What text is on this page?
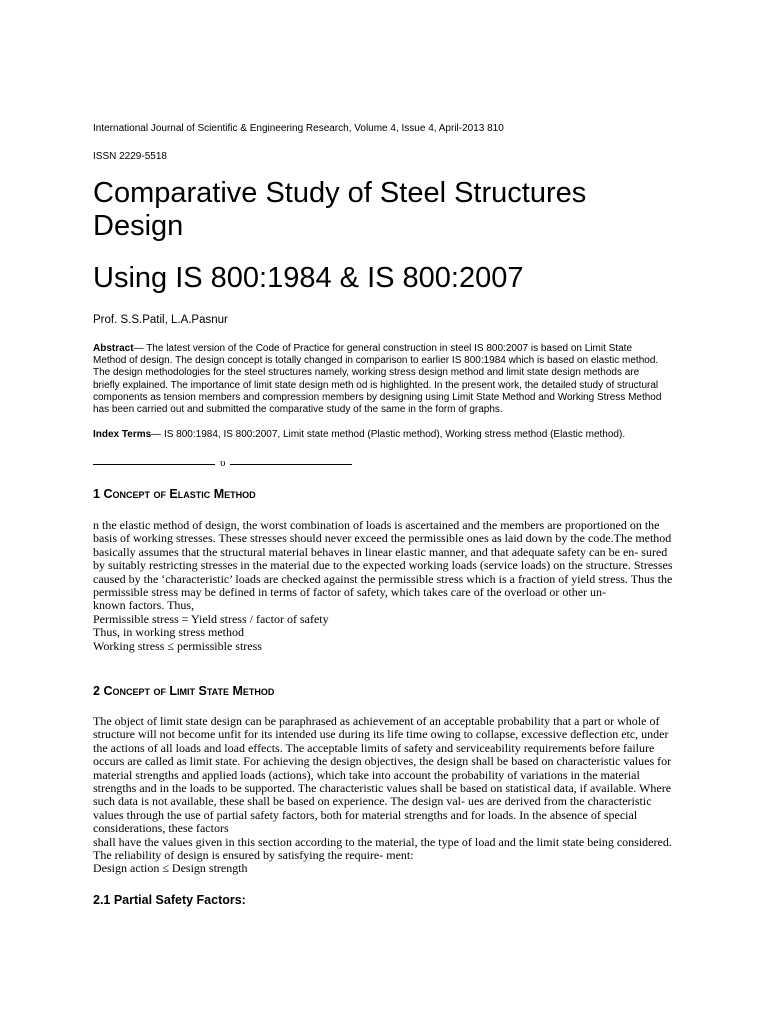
International Journal of Scientific & Engineering Research, Volume 4, Issue 4, April-2013 810
ISSN 2229-5518
Comparative Study of Steel Structures Design
Using IS 800:1984 & IS 800:2007
Prof. S.S.Patil, L.A.Pasnur

Abstract— The latest version of the Code of Practice for general construction in steel IS 800:2007 is based on Limit State Method of design. The design concept is totally changed in comparison to earlier IS 800:1984 which is based on elastic method. The design methodologies for the steel structures namely, working stress design method and limit state design methods are briefly explained. The importance of limit state design meth od is highlighted. In the present work, the detailed study of structural components as tension members and compression members by designing using Limit State Method and Working Stress Method has been carried out and submitted the comparative study of the same in the form of graphs.

Index Terms— IS 800:1984, IS 800:2007, Limit state method (Plastic method), Working stress method (Elastic method).

υ
1 Concept of Elastic Method

n the elastic method of design, the worst combination of loads is ascertained and the members are proportioned on the basis of working stresses. These stresses should never exceed the permissible ones as laid down by the code.The method basically assumes that the structural material behaves in linear elastic manner, and that adequate safety can be en- sured by suitably restricting stresses in the material due to the expected working loads (service loads) on the structure. Stresses caused by the ‘characteristic’ loads are checked against the permissible stress which is a fraction of yield stress. Thus the permissible stress may be defined in terms of factor of safety, which takes care of the overload or other un-
known factors. Thus,
Permissible stress = Yield stress / factor of safety
Thus, in working stress method
Working stress ≤ permissible stress

2 Concept of Limit State Method

The object of limit state design can be paraphrased as achievement of an acceptable probability that a part or whole of structure will not become unfit for its intended use during its life time owing to collapse, excessive deflection etc, under the actions of all loads and load effects. The acceptable limits of safety and serviceability requirements before failure occurs are called as limit state. For achieving the design objectives, the design shall be based on characteristic values for material strengths and applied loads (actions), which take into account the probability of variations in the material strengths and in the loads to be supported. The characteristic values shall be based on statistical data, if available. Where such data is not available, these shall be based on experience. The design val- ues are derived from the characteristic values through the use of partial safety factors, both for material strengths and for loads. In the absence of special considerations, these factors
shall have the values given in this section according to the material, the type of load and the limit state being considered. The reliability of design is ensured by satisfying the require- ment:
Design action ≤ Design strength

2.1 Partial Safety Factors:
